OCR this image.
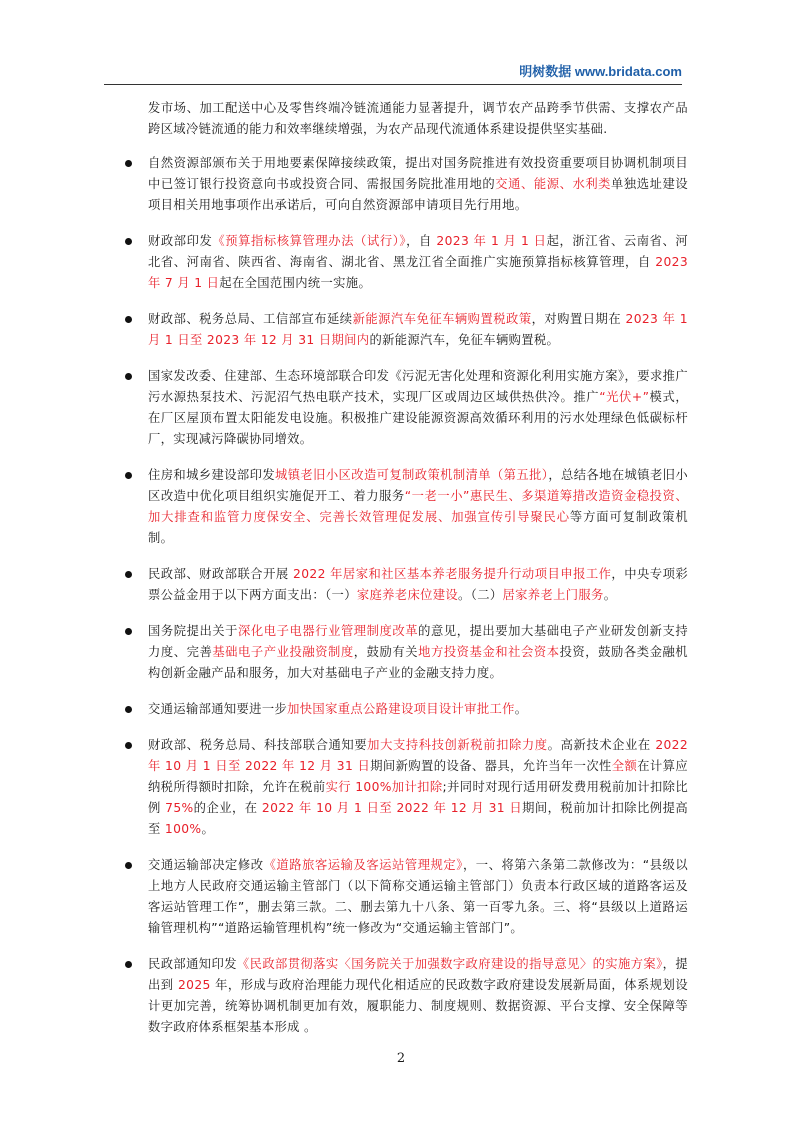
明树数据 www.bridata.com

发市场、加工配送中心及零售终端冷链流通能力显著提升，调节农产品跨季节供需、支撑农产品跨区域冷链流通的能力和效率继续增强，为农产品现代流通体系建设提供坚实基础.

自然资源部颁布关于用地要素保障接续政策，提出对国务院推进有效投资重要项目协调机制项目中已签订银行投资意向书或投资合同、需报国务院批准用地的交通、能源、水利类单独选址建设项目相关用地事项作出承诺后，可向自然资源部申请项目先行用地。

财政部印发《预算指标核算管理办法（试行）》，自 2023 年 1 月 1 日起，浙江省、云南省、河北省、河南省、陕西省、海南省、湖北省、黑龙江省全面推广实施预算指标核算管理，自 2023 年 7 月 1 日起在全国范围内统一实施。

财政部、税务总局、工信部宣布延续新能源汽车免征车辆购置税政策，对购置日期在 2023 年 1 月 1 日至 2023 年 12 月 31 日期间内的新能源汽车，免征车辆购置税。

国家发改委、住建部、生态环境部联合印发《污泥无害化处理和资源化利用实施方案》，要求推广污水源热泵技术、污泥沼气热电联产技术，实现厂区或周边区域供热供冷。推广“光伏+”模式，在厂区屋顶布置太阳能发电设施。积极推广建设能源资源高效循环利用的污水处理绿色低碳标杆厂，实现减污降碳协同增效。

住房和城乡建设部印发城镇老旧小区改造可复制政策机制清单（第五批），总结各地在城镇老旧小区改造中优化项目组织实施促开工、着力服务“一老一小”惠民生、多渠道筹措改造资金稳投资、加大排查和监管力度保安全、完善长效管理促发展、加强宣传引导聚民心等方面可复制政策机制。

民政部、财政部联合开展 2022 年居家和社区基本养老服务提升行动项目申报工作，中央专项彩票公益金用于以下两方面支出：（一）家庭养老床位建设。（二）居家养老上门服务。

国务院提出关于深化电子电器行业管理制度改革的意见，提出要加大基础电子产业研发创新支持力度、完善基础电子产业投融资制度，鼓励有关地方投资基金和社会资本投资，鼓励各类金融机构创新金融产品和服务，加大对基础电子产业的金融支持力度。

交通运输部通知要进一步加快国家重点公路建设项目设计审批工作。

财政部、税务总局、科技部联合通知要加大支持科技创新税前扣除力度。高新技术企业在 2022 年 10 月 1 日至 2022 年 12 月 31 日期间新购置的设备、器具，允许当年一次性全额在计算应纳税所得额时扣除，允许在税前实行 100%加计扣除;并同时对现行适用研发费用税前加计扣除比例 75%的企业，在 2022 年 10 月 1 日至 2022 年 12 月 31 日期间，税前加计扣除比例提高至 100%。

交通运输部决定修改《道路旅客运输及客运站管理规定》，一、将第六条第二款修改为：“县级以上地方人民政府交通运输主管部门（以下简称交通运输主管部门）负责本行政区域的道路客运及客运站管理工作”，删去第三款。二、删去第九十八条、第一百零九条。三、将“县级以上道路运输管理机构”“道路运输管理机构”统一修改为“交通运输主管部门”。

民政部通知印发《民政部贯彻落实〈国务院关于加强数字政府建设的指导意见〉的实施方案》，提出到 2025 年，形成与政府治理能力现代化相适应的民政数字政府建设发展新局面，体系规划设计更加完善，统筹协调机制更加有效，履职能力、制度规则、数据资源、平台支撑、安全保障等数字政府体系框架基本形成 。

2
